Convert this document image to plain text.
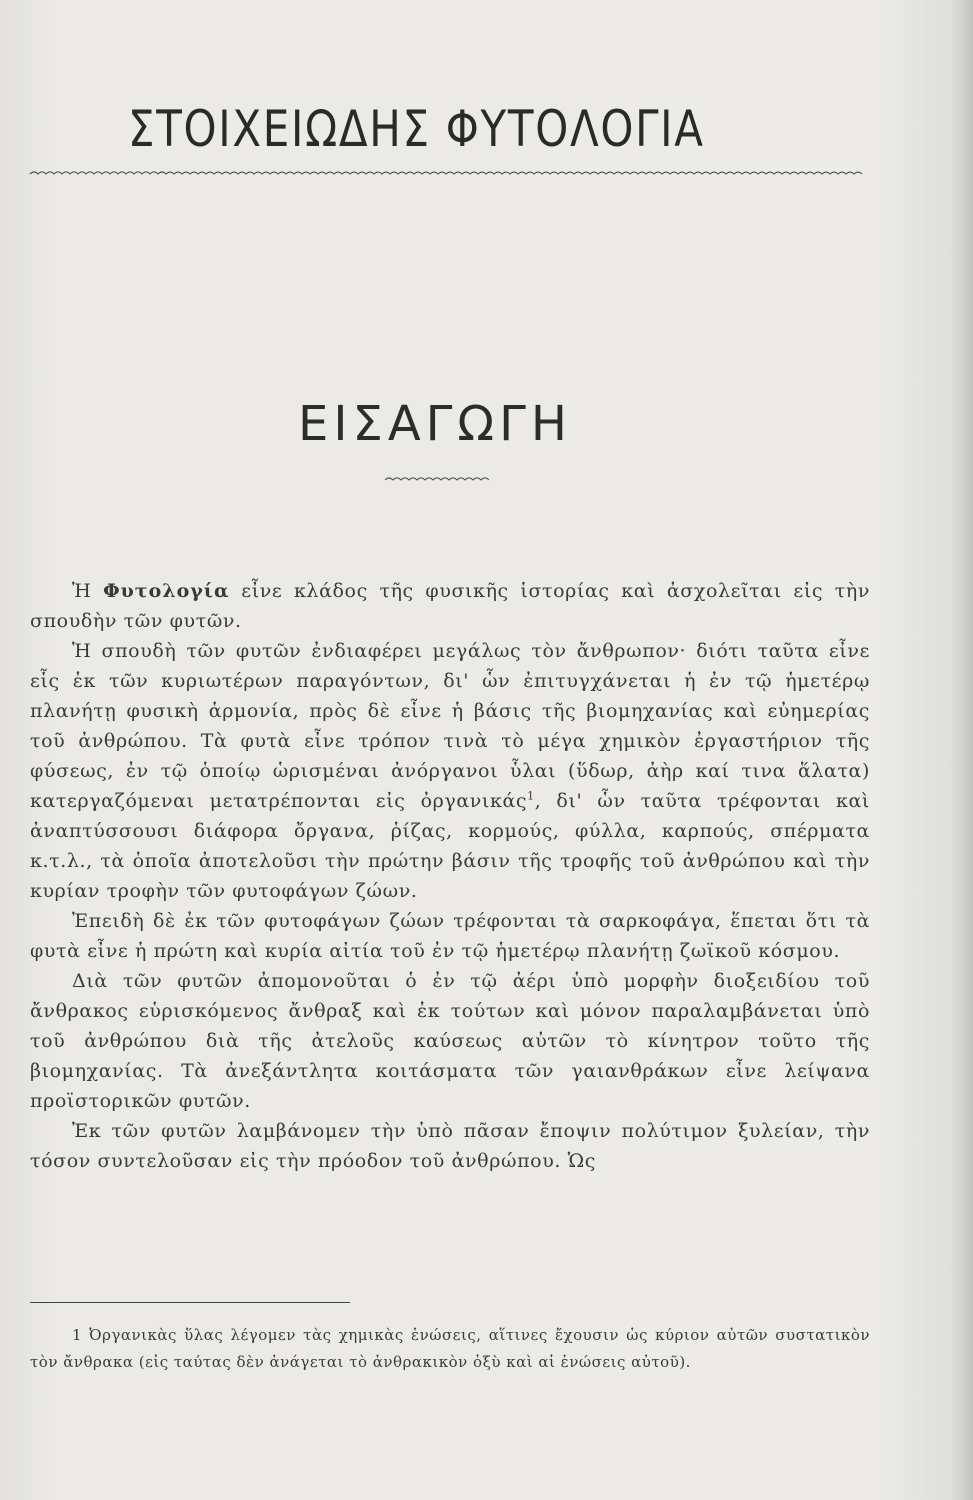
ΣΤΟΙΧΕΙΩΔΗΣ ΦΥΤΟΛΟΓΙΑ
ΕΙΣΑΓΩΓΗ

Ἡ Φυτολογία εἶνε κλάδος τῆς φυσικῆς ἱστορίας καὶ ἀσχολεῖται εἰς τὴν σπουδὴν τῶν φυτῶν.

Ἡ σπουδὴ τῶν φυτῶν ἐνδιαφέρει μεγάλως τὸν ἄνθρωπον· διότι ταῦτα εἶνε εἷς ἐκ τῶν κυριωτέρων παραγόντων, δι' ὧν ἐπιτυγχάνεται ἡ ἐν τῷ ἡμετέρῳ πλανήτῃ φυσικὴ ἁρμονία, πρὸς δὲ εἶνε ἡ βάσις τῆς βιομηχανίας καὶ εὐημερίας τοῦ ἀνθρώπου. Τὰ φυτὰ εἶνε τρόπον τινὰ τὸ μέγα χημικὸν ἐργαστήριον τῆς φύσεως, ἐν τῷ ὁποίῳ ὡρισμέναι ἀνόργανοι ὗλαι (ὕδωρ, ἀὴρ καί τινα ἅλατα) κατεργαζόμεναι μετατρέπονται εἰς ὀργανικάς$^1$, δι' ὧν ταῦτα τρέφονται καὶ ἀναπτύσσουσι διάφορα ὄργανα, ῥίζας, κορμούς, φύλλα, καρπούς, σπέρματα κ.τ.λ., τὰ ὁποῖα ἀποτελοῦσι τὴν πρώτην βάσιν τῆς τροφῆς τοῦ ἀνθρώπου καὶ τὴν κυρίαν τροφὴν τῶν φυτοφάγων ζώων.

Ἐπειδὴ δὲ ἐκ τῶν φυτοφάγων ζώων τρέφονται τὰ σαρκοφάγα, ἕπεται ὅτι τὰ φυτὰ εἶνε ἡ πρώτη καὶ κυρία αἰτία τοῦ ἐν τῷ ἡμετέρῳ πλανήτῃ ζωϊκοῦ κόσμου.

Διὰ τῶν φυτῶν ἀπομονοῦται ὁ ἐν τῷ ἀέρι ὑπὸ μορφὴν διοξειδίου τοῦ ἄνθρακος εὑρισκόμενος ἄνθραξ καὶ ἐκ τούτων καὶ μόνον παραλαμβάνεται ὑπὸ τοῦ ἀνθρώπου διὰ τῆς ἀτελοῦς καύσεως αὐτῶν τὸ κίνητρον τοῦτο τῆς βιομηχανίας. Τὰ ἀνεξάντλητα κοιτάσματα τῶν γαιανθράκων εἶνε λείψανα προϊστορικῶν φυτῶν.

Ἐκ τῶν φυτῶν λαμβάνομεν τὴν ὑπὸ πᾶσαν ἔποψιν πολύτιμον ξυλείαν, τὴν τόσον συντελοῦσαν εἰς τὴν πρόοδον τοῦ ἀνθρώπου. Ὡς

1 Ὀργανικὰς ὕλας λέγομεν τὰς χημικὰς ἑνώσεις, αἵτινες ἔχουσιν ὡς κύριον αὐτῶν συστατικὸν τὸν ἄνθρακα (εἰς ταύτας δὲν ἀνάγεται τὸ ἀνθρακικὸν ὀξὺ καὶ αἱ ἑνώσεις αὐτοῦ).
